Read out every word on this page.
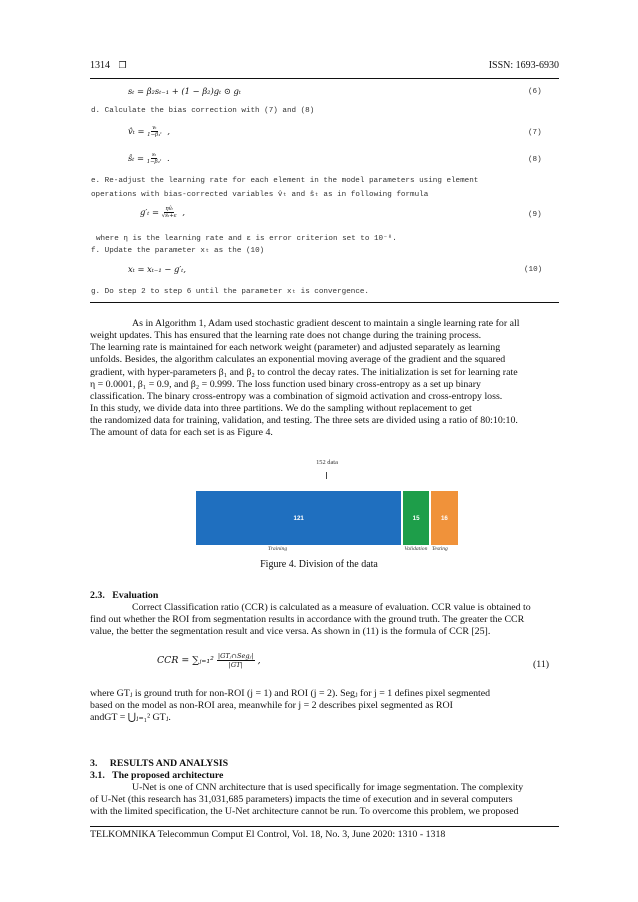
1314 ❒	ISSN: 1693-6930
sₜ = β₂sₜ₋₁ + (1 − β₂)gₜ ⊙ gₜ	(6)
d. Calculate the bias correction with (7) and (8)
v̂ₜ = $\frac{\text{vₜ}}{\text{1−β₁ᵗ}}$ ,	(7)
ŝₜ = $\frac{\text{sₜ}}{\text{1−β₂ᵗ}}$ .	(8)
e. Re-adjust the learning rate for each element in the model parameters using element
operations with bias-corrected variables v̂ₜ and ŝₜ as in following formula
$g'_t = \frac{\text{ηv̂ₜ}}{\text{√ŝₜ+ε}}$ ,	(9)
where η is the learning rate and ε is error criterion set to 10⁻⁸.
f. Update the parameter xₜ as the (10)
xₜ = xₜ₋₁ − g′ₜ,	(10)
g. Do step 2 to step 6 until the parameter xₜ is convergence.
As in Algorithm 1, Adam used stochastic gradient descent to maintain a single learning rate for all
weight updates. This has ensured that the learning rate does not change during the training process.
The learning rate is maintained for each network weight (parameter) and adjusted separately as learning
unfolds. Besides, the algorithm calculates an exponential moving average of the gradient and the squared
gradient, with hyper-parameters β₁ and β₂ to control the decay rates. The initialization is set for learning rate
η = 0.0001, β₁ = 0.9, and β₂ = 0.999. The loss function used binary cross-entropy as a set up binary
classification. The binary cross-entropy was a combination of sigmoid activation and cross-entropy loss.
In this study, we divide data into three partitions. We do the sampling without replacement to get
the randomized data for training, validation, and testing. The three sets are divided using a ratio of 80:10:10.
The amount of data for each set is as Figure 4.
152 data
121	15	16
Training	Validation Testing
Figure 4. Division of the data
2.3.   Evaluation
Correct Classification ratio (CCR) is calculated as a measure of evaluation. CCR value is obtained to
find out whether the ROI from segmentation results in accordance with the ground truth. The greater the CCR
value, the better the segmentation result and vice versa. As shown in (11) is the formula of CCR [25].
CCR = ∑ⱼ₌₁² $\frac{\text{|GTⱼ∩Segⱼ|}}{|GT|}$ ,	(11)
where GTⱼ is ground truth for non-ROI (j = 1) and ROI (j = 2). Segⱼ for j = 1 defines pixel segmented
based on the model as non-ROI area, meanwhile for j = 2 describes pixel segmented as ROI
andGT = ⋃ⱼ₌₁² GTⱼ.
3.     RESULTS AND ANALYSIS
3.1.   The proposed architecture
U-Net is one of CNN architecture that is used specifically for image segmentation. The complexity
of U-Net (this research has 31,031,685 parameters) impacts the time of execution and in several computers
with the limited specification, the U-Net architecture cannot be run. To overcome this problem, we proposed
TELKOMNIKA Telecommun Comput El Control, Vol. 18, No. 3, June 2020: 1310 - 1318
